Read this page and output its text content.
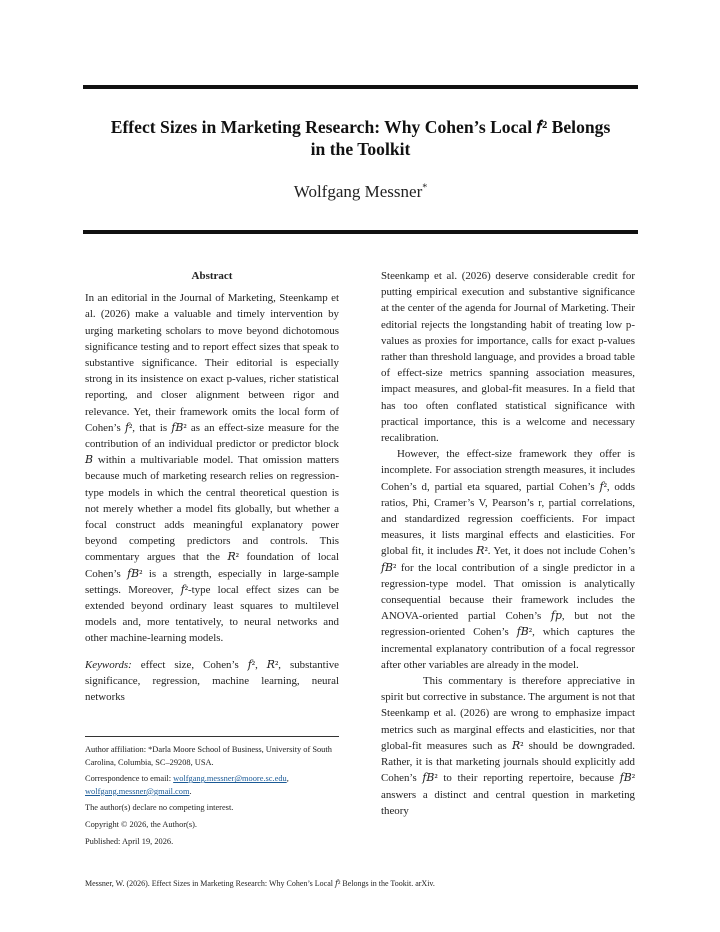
Effect Sizes in Marketing Research: Why Cohen’s Local 𝑓² Belongs
in the Toolkit
Wolfgang Messner*

Abstract

In an editorial in the Journal of Marketing, Steenkamp et al. (2026) make a valuable and timely intervention by urging marketing scholars to move beyond dichotomous significance testing and to report effect sizes that speak to substantive significance. Their editorial is especially strong in its insistence on exact p-values, richer statistical reporting, and closer alignment between rigor and relevance. Yet, their framework omits the local form of Cohen’s 𝑓², that is 𝑓𝐵² as an effect-size measure for the contribution of an individual predictor or predictor block 𝐵 within a multivariable model. That omission matters because much of marketing research relies on regression-type models in which the central theoretical question is not merely whether a model fits globally, but whether a focal construct adds meaningful explanatory power beyond competing predictors and controls. This commentary argues that the 𝑅² foundation of local Cohen’s 𝑓𝐵² is a strength, especially in large-sample settings. Moreover, 𝑓²-type local effect sizes can be extended beyond ordinary least squares to multilevel models and, more tentatively, to neural networks and other machine-learning models.

Keywords: effect size, Cohen’s 𝑓², 𝑅², substantive significance, regression, machine learning, neural networks

Author affiliation: *Darla Moore School of Business, University of South Carolina, Columbia, SC–29208, USA.

Correspondence to email: wolfgang.messner@moore.sc.edu, wolfgang.messner@gmail.com.

The author(s) declare no competing interest.

Copyright © 2026, the Author(s).

Published: April 19, 2026.

Steenkamp et al. (2026) deserve considerable credit for putting empirical execution and substantive significance at the center of the agenda for Journal of Marketing. Their editorial rejects the longstanding habit of treating low p-values as proxies for importance, calls for exact p-values rather than threshold language, and provides a broad table of effect-size metrics spanning association measures, impact measures, and global-fit measures. In a field that has too often conflated statistical significance with practical importance, this is a welcome and necessary recalibration.

However, the effect-size framework they offer is incomplete. For association strength measures, it includes Cohen’s d, partial eta squared, partial Cohen’s 𝑓², odds ratios, Phi, Cramer’s V, Pearson’s r, partial correlations, and standardized regression coefficients. For impact measures, it lists marginal effects and elasticities. For global fit, it includes 𝑅². Yet, it does not include Cohen’s 𝑓𝐵² for the local contribution of a single predictor in a regression-type model. That omission is analytically consequential because their framework includes the ANOVA-oriented partial Cohen’s 𝑓𝑝, but not the regression-oriented Cohen’s 𝑓𝐵², which captures the incremental explanatory contribution of a focal regressor after other variables are already in the model.

This commentary is therefore appreciative in spirit but corrective in substance. The argument is not that Steenkamp et al. (2026) are wrong to emphasize impact metrics such as marginal effects and elasticities, nor that global-fit measures such as 𝑅² should be downgraded. Rather, it is that marketing journals should explicitly add Cohen’s 𝑓𝐵² to their reporting repertoire, because 𝑓𝐵² answers a distinct and central question in marketing theory

Messner, W. (2026). Effect Sizes in Marketing Research: Why Cohen’s Local 𝑓² Belongs in the Tookit. arXiv.
